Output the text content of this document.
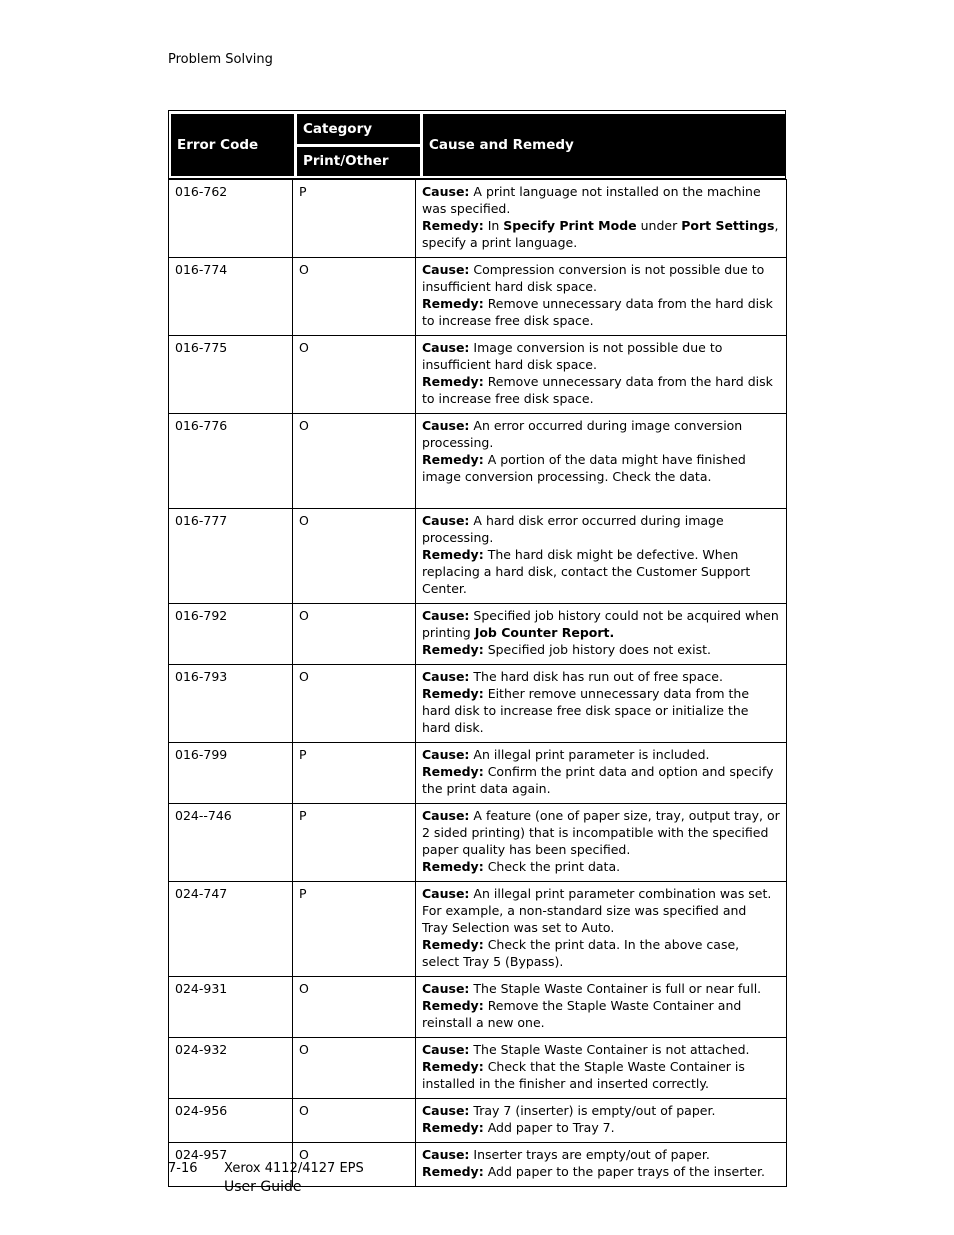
Problem Solving
Error Code	Category	Cause and Remedy
Print/Other
016-762	P	Cause: A print language not installed on the machine was specified.
Remedy: In Specify Print Mode under Port Settings, specify a print language.
016-774	O	Cause: Compression conversion is not possible due to insufficient hard disk space.
Remedy: Remove unnecessary data from the hard disk to increase free disk space.
016-775	O	Cause: Image conversion is not possible due to insufficient hard disk space.
Remedy: Remove unnecessary data from the hard disk to increase free disk space.
016-776	O	Cause: An error occurred during image conversion processing.
Remedy: A portion of the data might have finished image conversion processing. Check the data.
016-777	O	Cause: A hard disk error occurred during image processing.
Remedy: The hard disk might be defective. When replacing a hard disk, contact the Customer Support Center.
016-792	O	Cause: Specified job history could not be acquired when printing Job Counter Report.
Remedy: Specified job history does not exist.
016-793	O	Cause: The hard disk has run out of free space.
Remedy: Either remove unnecessary data from the hard disk to increase free disk space or initialize the hard disk.
016-799	P	Cause: An illegal print parameter is included.
Remedy: Confirm the print data and option and specify the print data again.
024--746	P	Cause: A feature (one of paper size, tray, output tray, or 2 sided printing) that is incompatible with the specified paper quality has been specified.
Remedy: Check the print data.
024-747	P	Cause: An illegal print parameter combination was set. For example, a non-standard size was specified and
Tray Selection was set to Auto.
Remedy: Check the print data. In the above case, select Tray 5 (Bypass).
024-931	O	Cause: The Staple Waste Container is full or near full.
Remedy: Remove the Staple Waste Container and reinstall a new one.
024-932	O	Cause: The Staple Waste Container is not attached.
Remedy: Check that the Staple Waste Container is installed in the finisher and inserted correctly.
024-956	O	Cause: Tray 7 (inserter) is empty/out of paper.
Remedy: Add paper to Tray 7.
024-957	O	Cause: Inserter trays are empty/out of paper.
Remedy: Add paper to the paper trays of the inserter.
7-16 Xerox 4112/4127 EPS
User Guide
